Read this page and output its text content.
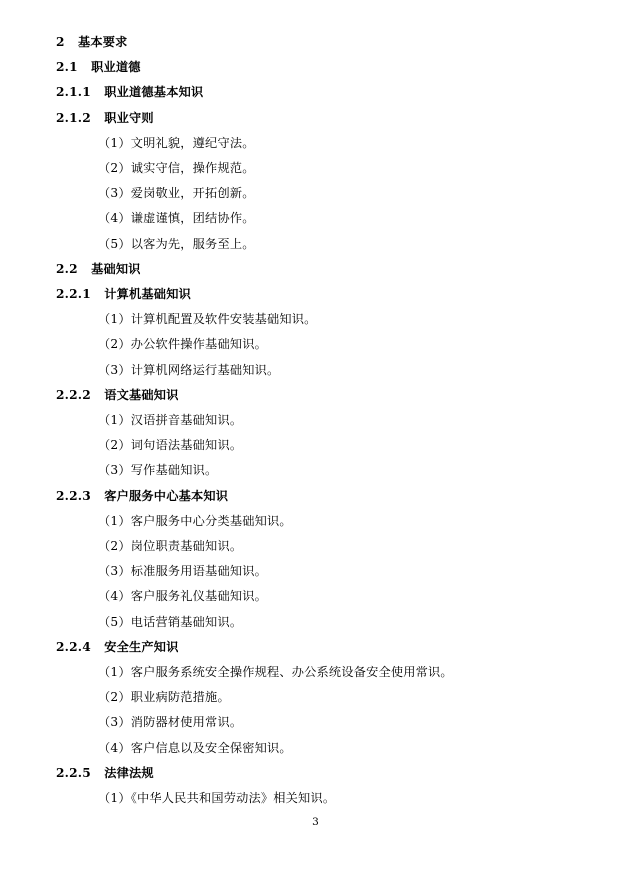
2   基本要求
2.1   职业道德
2.1.1   职业道德基本知识
2.1.2   职业守则
（1）文明礼貌，遵纪守法。
（2）诚实守信，操作规范。
（3）爱岗敬业，开拓创新。
（4）谦虚谨慎，团结协作。
（5）以客为先，服务至上。
2.2   基础知识
2.2.1   计算机基础知识
（1）计算机配置及软件安装基础知识。
（2）办公软件操作基础知识。
（3）计算机网络运行基础知识。
2.2.2   语文基础知识
（1）汉语拼音基础知识。
（2）词句语法基础知识。
（3）写作基础知识。
2.2.3   客户服务中心基本知识
（1）客户服务中心分类基础知识。
（2）岗位职责基础知识。
（3）标准服务用语基础知识。
（4）客户服务礼仪基础知识。
（5）电话营销基础知识。
2.2.4   安全生产知识
（1）客户服务系统安全操作规程、办公系统设备安全使用常识。
（2）职业病防范措施。
（3）消防器材使用常识。
（4）客户信息以及安全保密知识。
2.2.5   法律法规
（1）《中华人民共和国劳动法》相关知识。
3
